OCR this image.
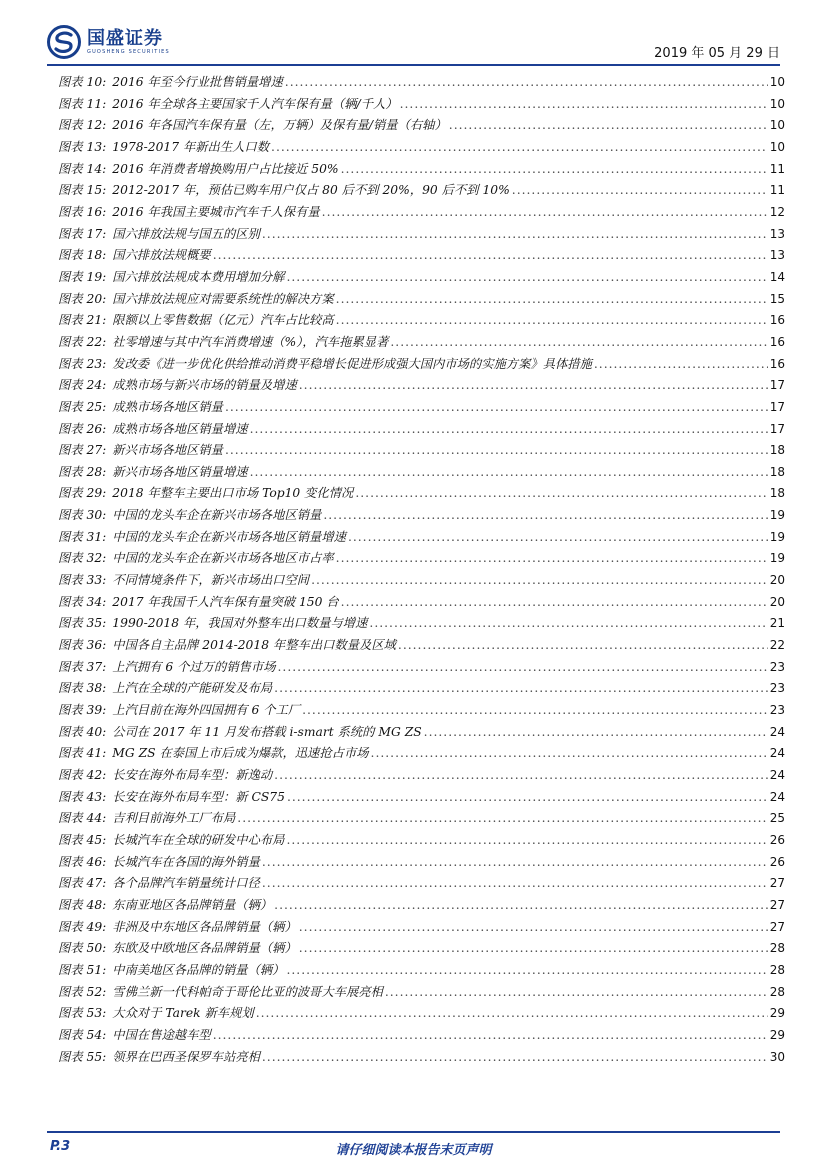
国盛证券
GUOSHENG SECURITIES	2019 年 05 月 29 日
图表 10: 2016 年至今行业批售销量增速 .....	10
图表 11: 2016 年全球各主要国家千人汽车保有量（辆/千人） .....	10
图表 12: 2016 年各国汽车保有量（左，万辆）及保有量/销量（右轴） .....	10
图表 13: 1978-2017 年新出生人口数 .....	10
图表 14: 2016 年消费者增换购用户占比接近 50% .....	11
图表 15: 2012-2017 年，预估已购车用户仅占 80 后不到 20%，90 后不到 10% .....	11
图表 16: 2016 年我国主要城市汽车千人保有量 .....	12
图表 17: 国六排放法规与国五的区别 .....	13
图表 18: 国六排放法规概要 .....	13
图表 19: 国六排放法规成本费用增加分解 .....	14
图表 20: 国六排放法规应对需要系统性的解决方案 .....	15
图表 21: 限额以上零售数据（亿元）汽车占比较高 .....	16
图表 22: 社零增速与其中汽车消费增速（%），汽车拖累显著 .....	16
图表 23: 发改委《进一步优化供给推动消费平稳增长促进形成强大国内市场的实施方案》具体措施 .....	16
图表 24: 成熟市场与新兴市场的销量及增速 .....	17
图表 25: 成熟市场各地区销量 .....	17
图表 26: 成熟市场各地区销量增速 .....	17
图表 27: 新兴市场各地区销量 .....	18
图表 28: 新兴市场各地区销量增速 .....	18
图表 29: 2018 年整车主要出口市场 Top10 变化情况 .....	18
图表 30: 中国的龙头车企在新兴市场各地区销量 .....	19
图表 31: 中国的龙头车企在新兴市场各地区销量增速 .....	19
图表 32: 中国的龙头车企在新兴市场各地区市占率 .....	19
图表 33: 不同情境条件下，新兴市场出口空间 .....	20
图表 34: 2017 年我国千人汽车保有量突破 150 台 .....	20
图表 35: 1990-2018 年，我国对外整车出口数量与增速 .....	21
图表 36: 中国各自主品牌 2014-2018 年整车出口数量及区域 .....	22
图表 37: 上汽拥有 6 个过万的销售市场 .....	23
图表 38: 上汽在全球的产能研发及布局 .....	23
图表 39: 上汽目前在海外四国拥有 6 个工厂 .....	23
图表 40: 公司在 2017 年 11 月发布搭载 i-smart 系统的 MG ZS .....	24
图表 41: MG ZS 在泰国上市后成为爆款，迅速抢占市场 .....	24
图表 42: 长安在海外布局车型：新逸动 .....	24
图表 43: 长安在海外布局车型：新 CS75 .....	24
图表 44: 吉利目前海外工厂布局 .....	25
图表 45: 长城汽车在全球的研发中心布局 .....	26
图表 46: 长城汽车在各国的海外销量 .....	26
图表 47: 各个品牌汽车销量统计口径 .....	27
图表 48: 东南亚地区各品牌销量（辆） .....	27
图表 49: 非洲及中东地区各品牌销量（辆） .....	27
图表 50: 东欧及中欧地区各品牌销量（辆） .....	28
图表 51: 中南美地区各品牌的销量（辆） .....	28
图表 52: 雪佛兰新一代科帕奇于哥伦比亚的波哥大车展亮相 .....	28
图表 53: 大众对于 Tarek 新车规划 .....	29
图表 54: 中国在售途越车型 .....	29
图表 55: 领界在巴西圣保罗车站亮相 .....	30
P.3	请仔细阅读本报告末页声明
